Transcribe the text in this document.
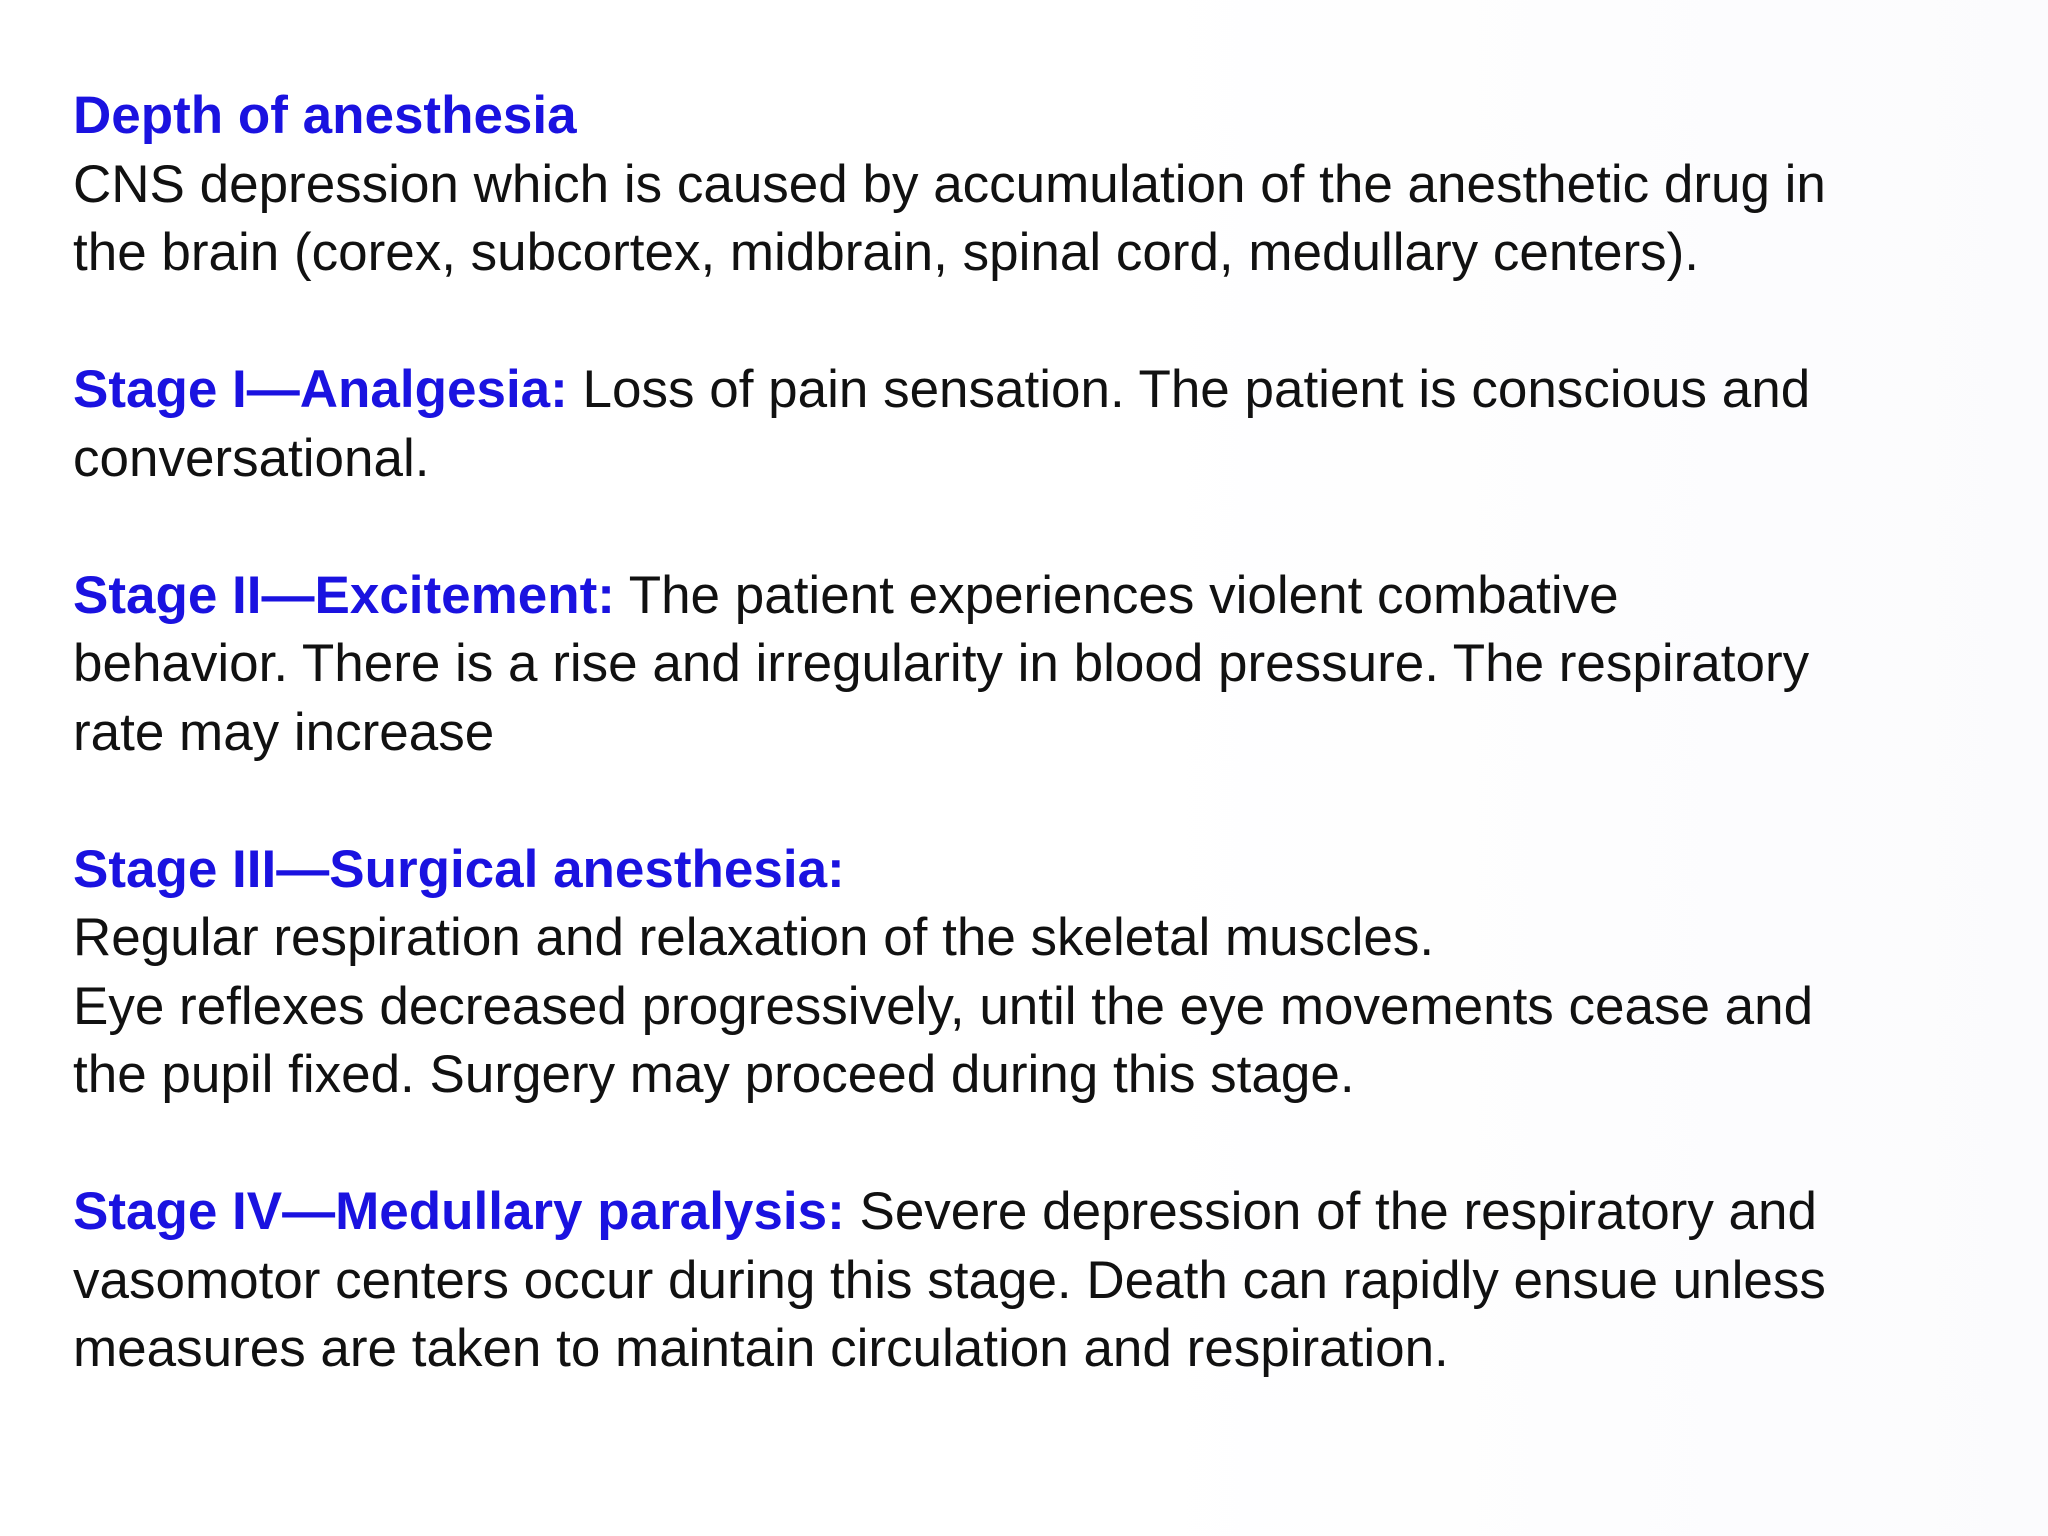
Depth of anesthesia
CNS depression which is caused by accumulation of the anesthetic drug in
the brain (corex, subcortex, midbrain, spinal cord, medullary centers).
Stage I—Analgesia: Loss of pain sensation. The patient is conscious and
conversational.
Stage II—Excitement: The patient experiences violent combative
behavior. There is a rise and irregularity in blood pressure. The respiratory
rate may increase
Stage III—Surgical anesthesia:
Regular respiration and relaxation of the skeletal muscles.
Eye reflexes decreased progressively, until the eye movements cease and
the pupil fixed. Surgery may proceed during this stage.
Stage IV—Medullary paralysis: Severe depression of the respiratory and
vasomotor centers occur during this stage. Death can rapidly ensue unless
measures are taken to maintain circulation and respiration.
